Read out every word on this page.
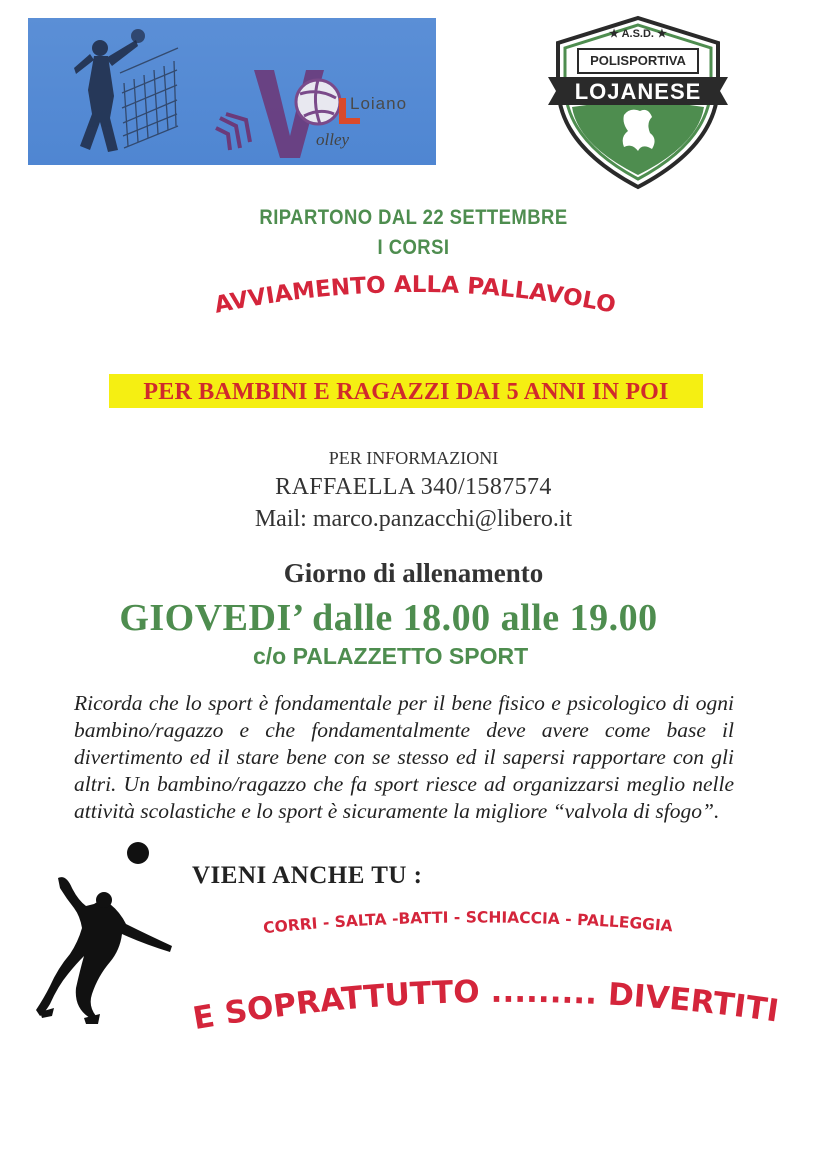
Loiano
olley
★ A.S.D. ★
POLISPORTIVA
LOJANESE
RIPARTONO DAL 22 SETTEMBRE
I CORSI
AVVIAMENTO ALLA PALLAVOLO
PER BAMBINI E RAGAZZI DAI 5 ANNI IN POI
PER INFORMAZIONI
RAFFAELLA 340/1587574
Mail: marco.panzacchi@libero.it
Giorno di allenamento
GIOVEDI’ dalle 18.00 alle 19.00
c/o PALAZZETTO SPORT
Ricorda che lo sport è fondamentale per il bene fisico e psicologico di ogni bambino/ragazzo e che fondamentalmente deve avere come base il divertimento ed il stare bene con se stesso ed il sapersi rapportare con gli altri. Un bambino/ragazzo che fa sport riesce ad organizzarsi meglio nelle attività scolastiche e lo sport è sicuramente la migliore “valvola di sfogo”.
VIENI ANCHE TU :
CORRI - SALTA -BATTI - SCHIACCIA - PALLEGGIA
E SOPRATTUTTO ......... DIVERTITI
